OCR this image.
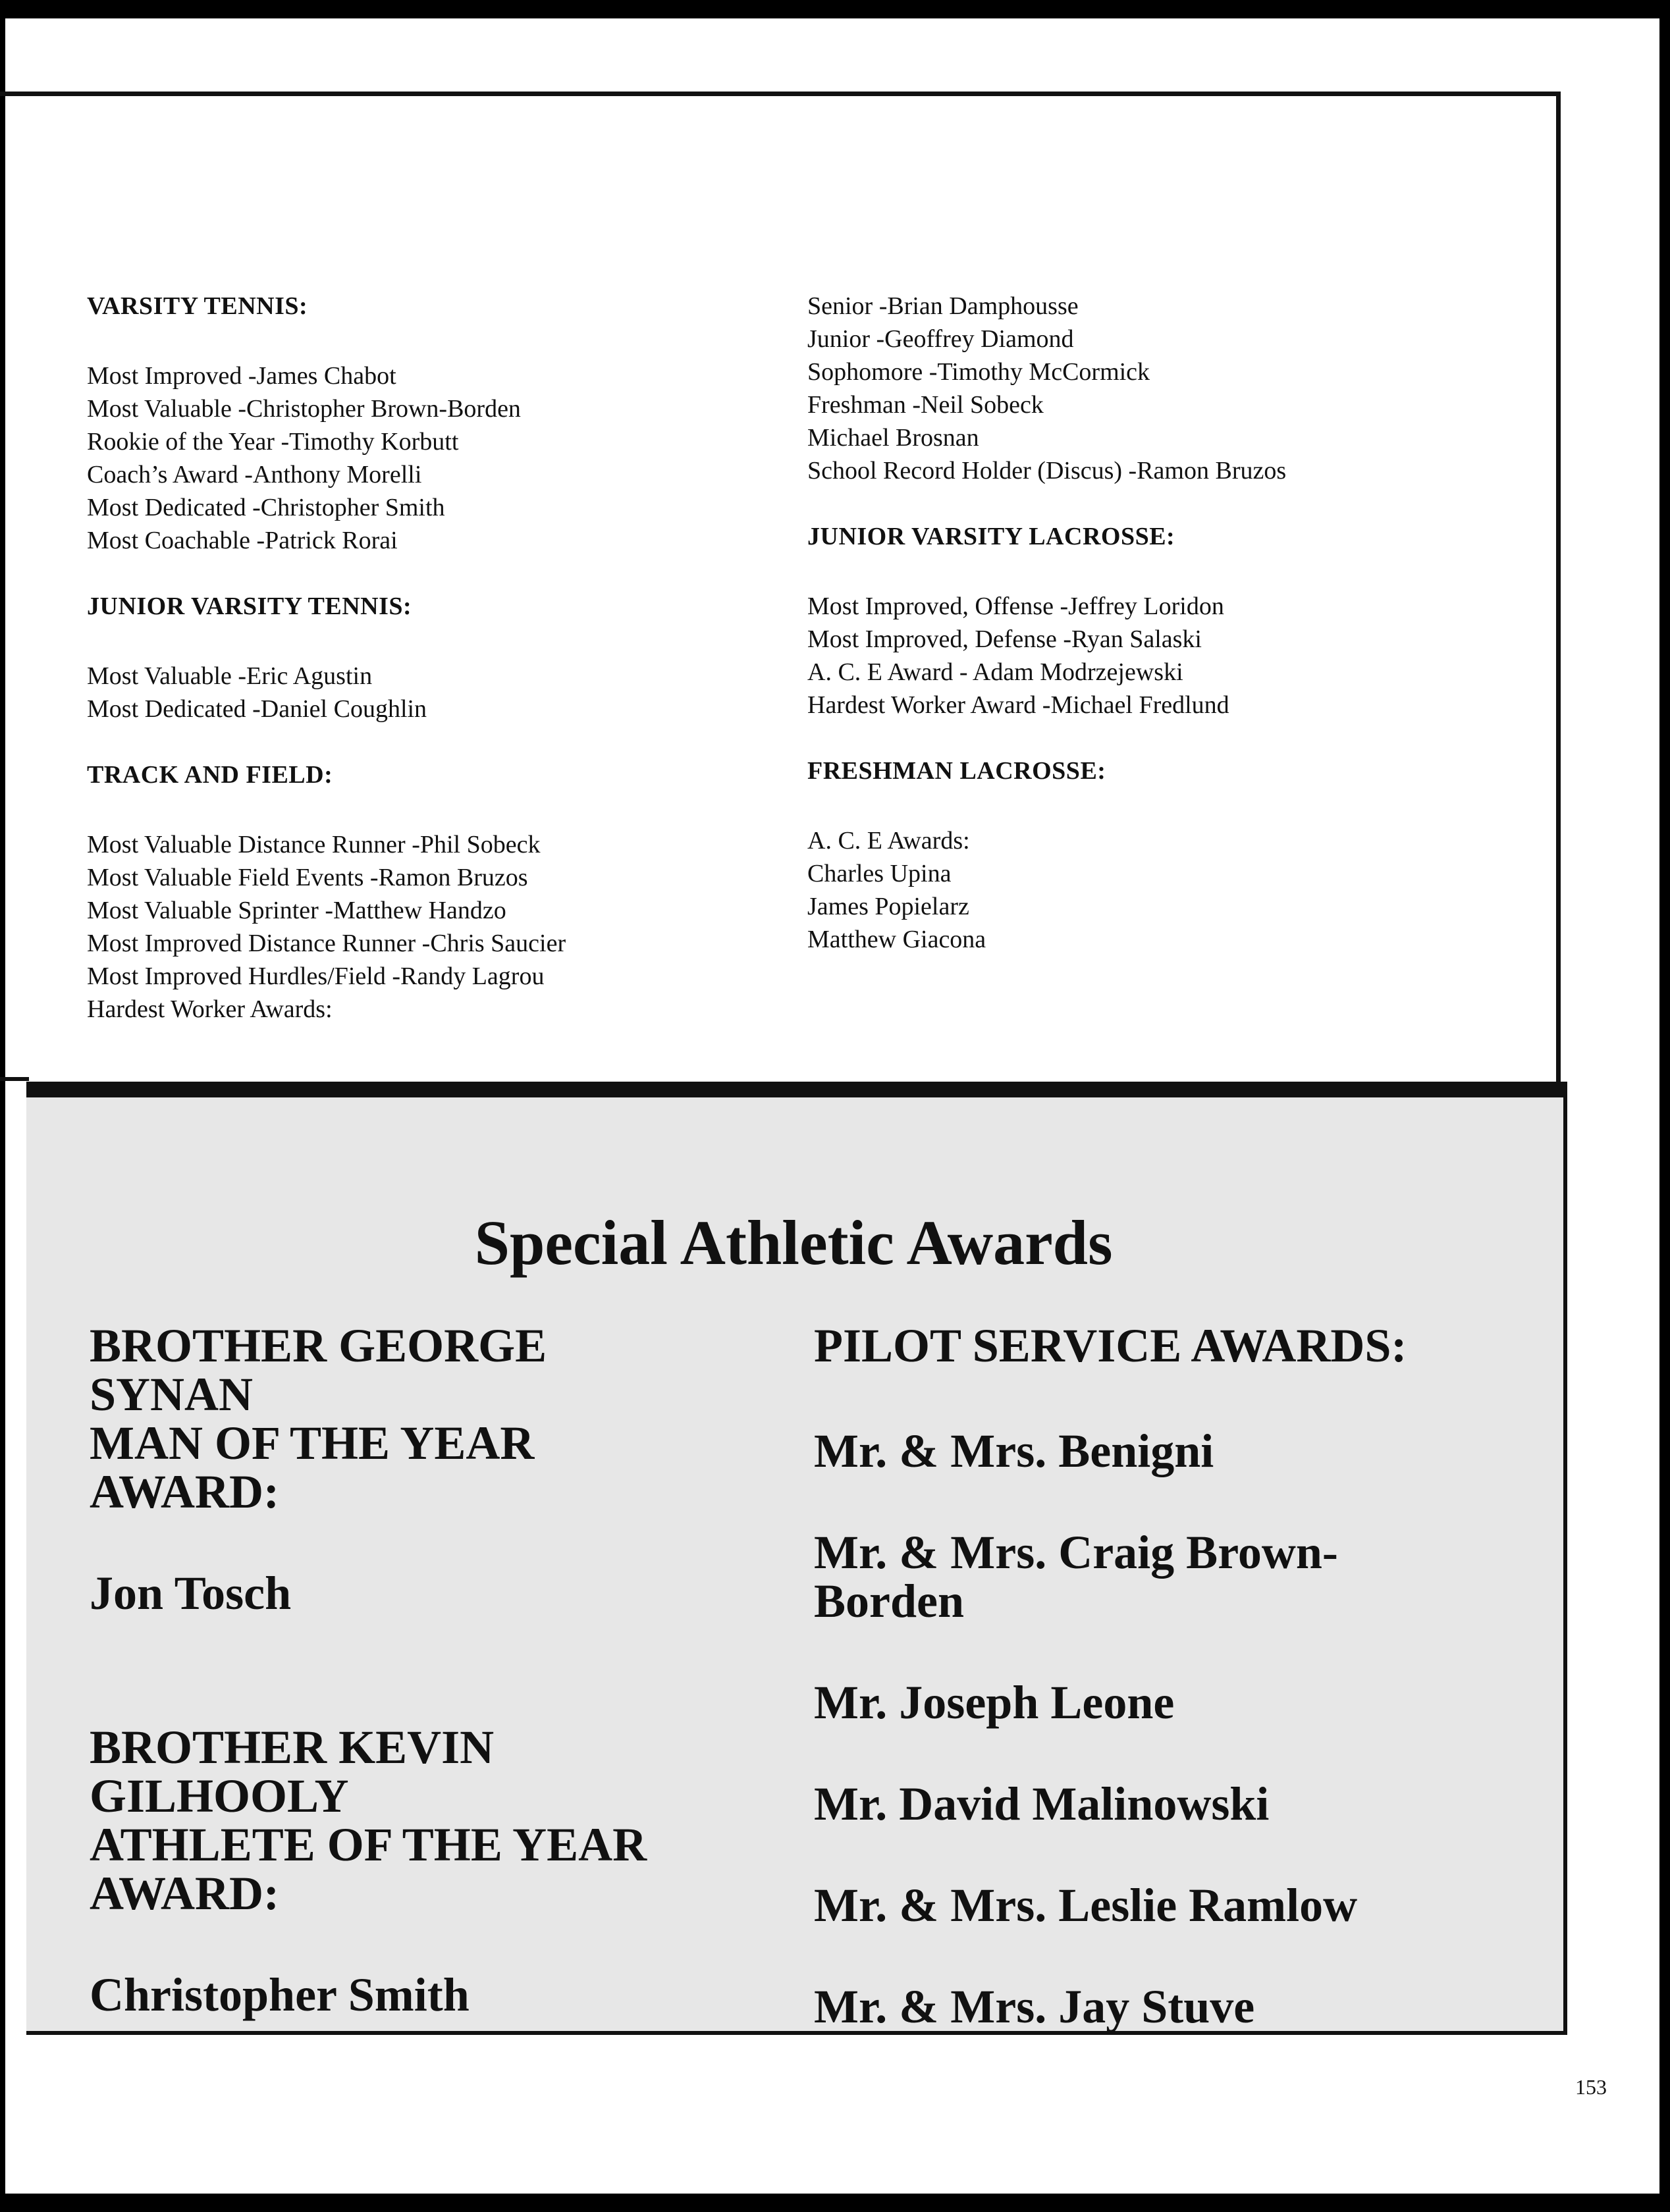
VARSITY TENNIS:
Most Improved -James Chabot
Most Valuable -Christopher Brown-Borden
Rookie of the Year -Timothy Korbutt
Coach’s Award -Anthony Morelli
Most Dedicated -Christopher Smith
Most Coachable -Patrick Rorai
JUNIOR VARSITY TENNIS:
Most Valuable -Eric Agustin
Most Dedicated -Daniel Coughlin
TRACK AND FIELD:
Most Valuable Distance Runner -Phil Sobeck
Most Valuable Field Events -Ramon Bruzos
Most Valuable Sprinter -Matthew Handzo
Most Improved Distance Runner -Chris Saucier
Most Improved Hurdles/Field -Randy Lagrou
Hardest Worker Awards:
Senior -Brian Damphousse
Junior -Geoffrey Diamond
Sophomore -Timothy McCormick
Freshman -Neil Sobeck
Michael Brosnan
School Record Holder (Discus) -Ramon Bruzos
JUNIOR VARSITY LACROSSE:
Most Improved, Offense -Jeffrey Loridon
Most Improved, Defense -Ryan Salaski
A. C. E Award - Adam Modrzejewski
Hardest Worker Award -Michael Fredlund
FRESHMAN LACROSSE:
A. C. E Awards:
Charles Upina
James Popielarz
Matthew Giacona
Special Athletic Awards
BROTHER GEORGE
SYNAN
MAN OF THE YEAR
AWARD:
Jon Tosch
BROTHER KEVIN
GILHOOLY
ATHLETE OF THE YEAR
AWARD:
Christopher Smith
PILOT SERVICE AWARDS:
Mr. & Mrs. Benigni
Mr. & Mrs. Craig Brown-
Borden
Mr. Joseph Leone
Mr. David Malinowski
Mr. & Mrs. Leslie Ramlow
Mr. & Mrs. Jay Stuve
153
